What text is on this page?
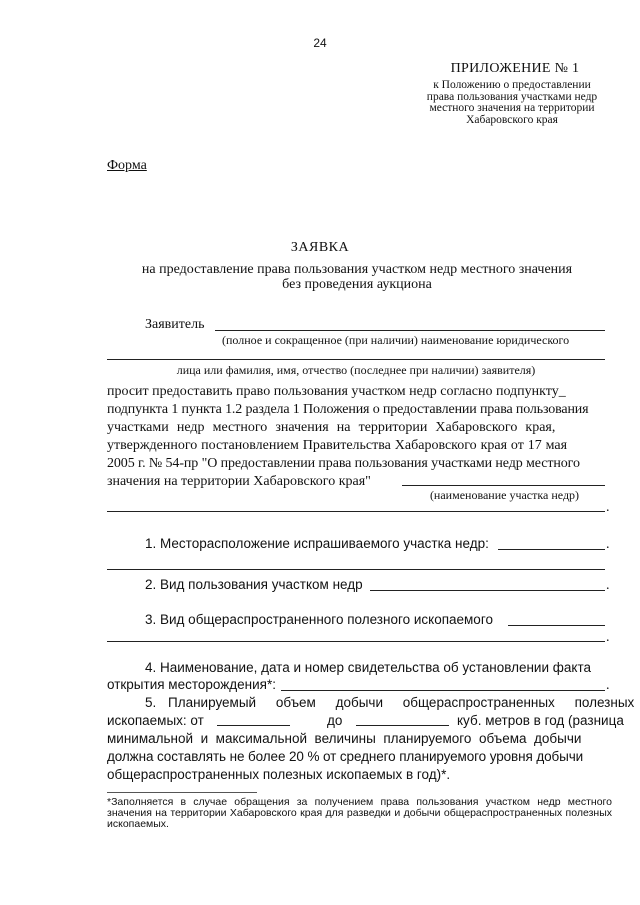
24
ПРИЛОЖЕНИЕ № 1
к Положению о предоставлении
права пользования участками недр
местного значения на территории
Хабаровского края
Форма
ЗАЯВКА
на предоставление права пользования участком недр местного значения
без проведения аукциона
Заявитель
(полное и сокращенное (при наличии) наименование юридического
лица или фамилия, имя, отчество (последнее при наличии) заявителя)
просит предоставить право пользования участком недр согласно подпункту_
подпункта 1 пункта 1.2 раздела 1 Положения о предоставлении права пользования
участками недр местного значения на территории Хабаровского края,
утвержденного постановлением Правительства Хабаровского края от 17 мая
2005 г. № 54-пр "О предоставлении права пользования участками недр местного
значения на территории Хабаровского края"
(наименование участка недр)
.
1. Месторасположение испрашиваемого участка недр:	.
2. Вид пользования участком недр	.
3. Вид общераспространенного полезного ископаемого
.
4. Наименование, дата и номер свидетельства об установлении факта
открытия месторождения*:	.
5. Планируемый объем добычи общераспространенных полезных
ископаемых: от	до	куб. метров в год (разница
минимальной и максимальной величины планируемого объема добычи
должна составлять не более 20 % от среднего планируемого уровня добычи
общераспространенных полезных ископаемых в год)*.
*Заполняется в случае обращения за получением права пользования участком недр местного значения на территории Хабаровского края для разведки и добычи общераспространенных полезных ископаемых.
